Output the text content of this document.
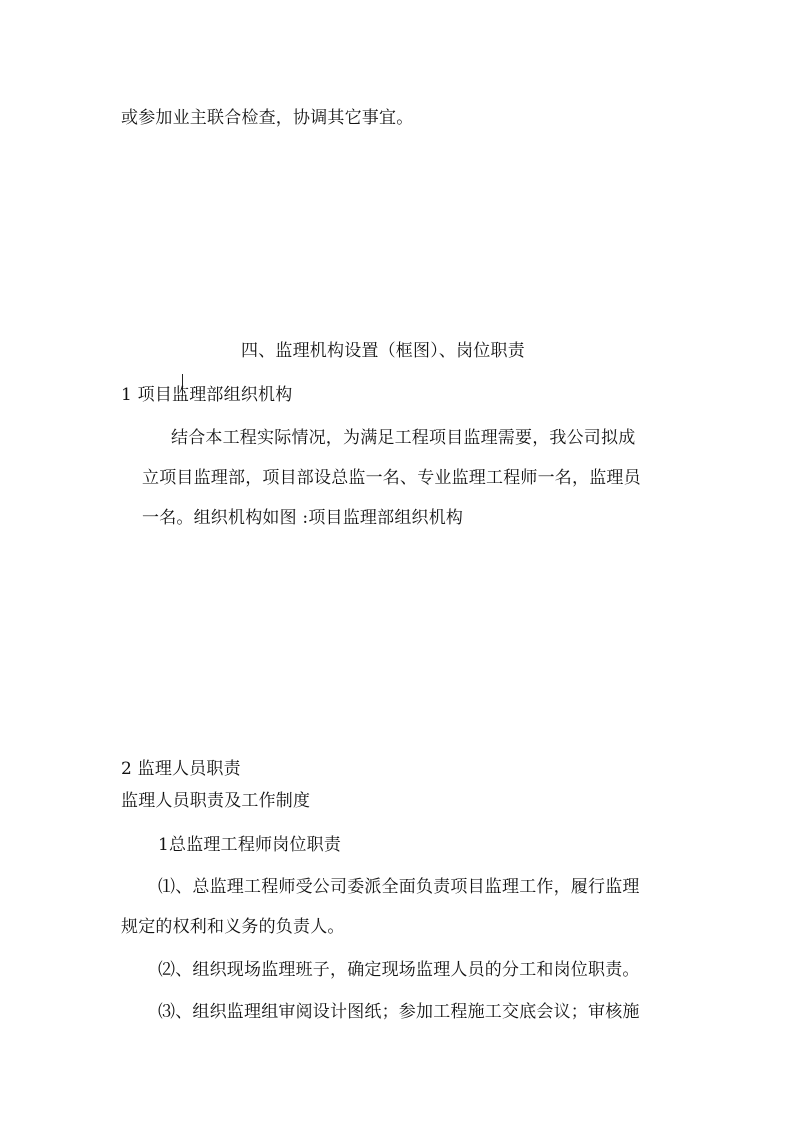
或参加业主联合检查，协调其它事宜。
四、监理机构设置（框图）、岗位职责
1 项目监理部组织机构
结合本工程实际情况，为满足工程项目监理需要，我公司拟成
立项目监理部，项目部设总监一名、专业监理工程师一名，监理员
一名。组织机构如图 :项目监理部组织机构
2 监理人员职责
监理人员职责及工作制度
1总监理工程师岗位职责
⑴、总监理工程师受公司委派全面负责项目监理工作，履行监理
规定的权利和义务的负责人。
⑵、组织现场监理班子，确定现场监理人员的分工和岗位职责。
⑶、组织监理组审阅设计图纸；参加工程施工交底会议；审核施
